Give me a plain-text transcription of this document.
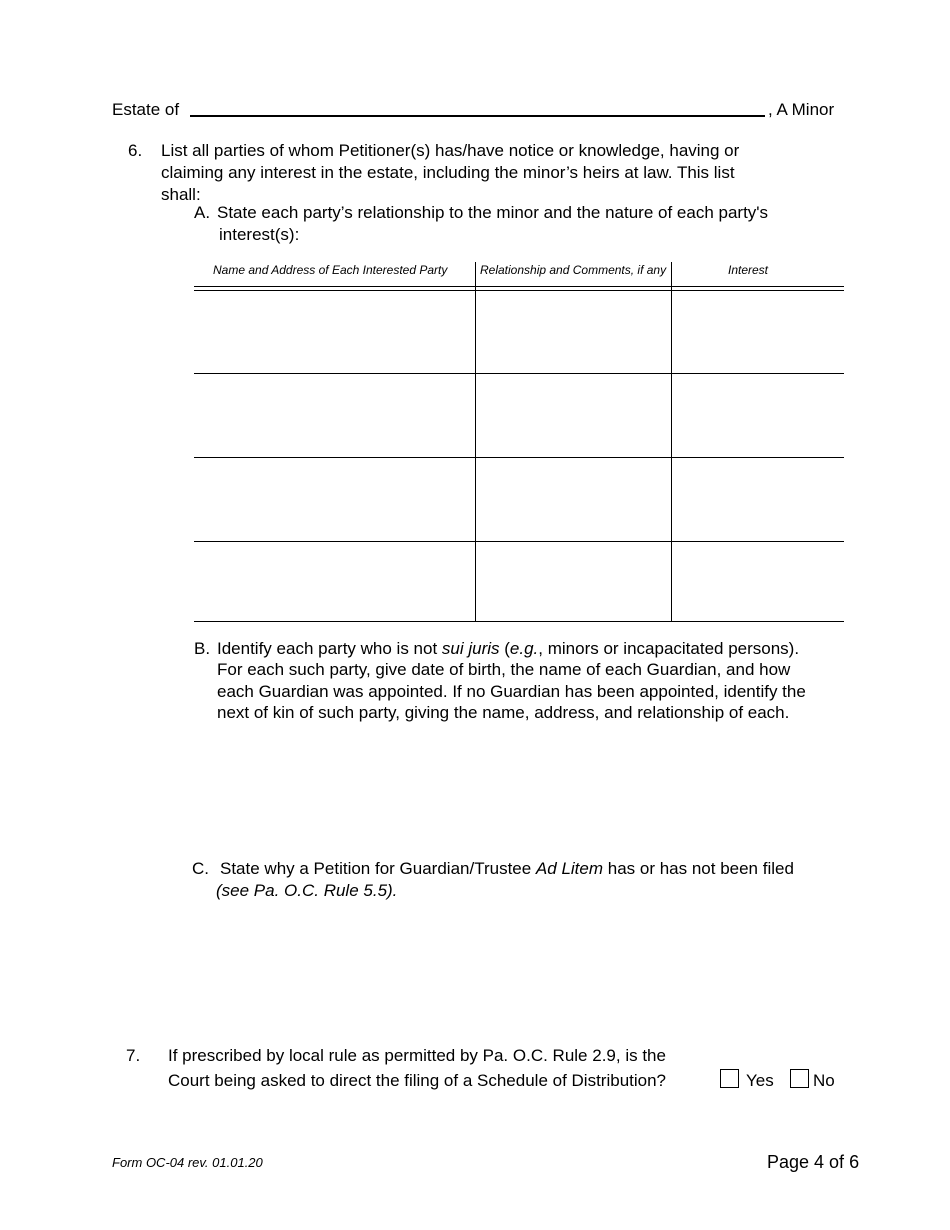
Estate of	, A Minor
6. List all parties of whom Petitioner(s) has/have notice or knowledge, having or
claiming any interest in the estate, including the minor’s heirs at law. This list
shall:
A. State each party’s relationship to the minor and the nature of each party's
interest(s):
Name and Address of Each Interested Party	Relationship and Comments, if any	Interest
B. Identify each party who is not sui juris (e.g., minors or incapacitated persons).
For each such party, give date of birth, the name of each Guardian, and how
each Guardian was appointed. If no Guardian has been appointed, identify the
next of kin of such party, giving the name, address, and relationship of each.
C. State why a Petition for Guardian/Trustee Ad Litem has or has not been filed
(see Pa. O.C. Rule 5.5).
7. If prescribed by local rule as permitted by Pa. O.C. Rule 2.9, is the
Court being asked to direct the filing of a Schedule of Distribution?	Yes No
Form OC-04 rev. 01.01.20	Page 4 of 6
